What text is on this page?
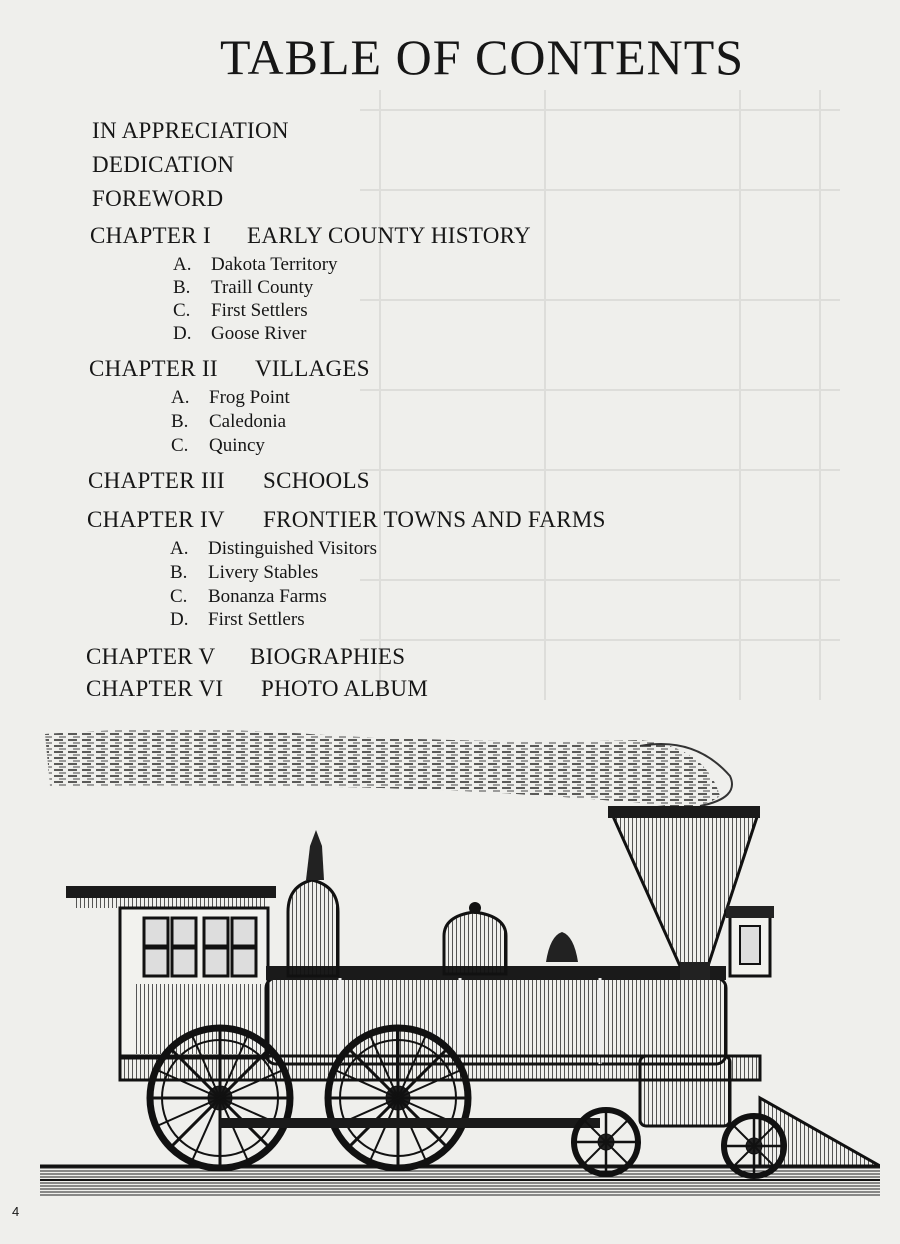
TABLE OF CONTENTS
IN APPRECIATION
DEDICATION
FOREWORD
CHAPTER I EARLY COUNTY HISTORY
A. Dakota Territory
B. Traill County
C. First Settlers
D. Goose River
CHAPTER II VILLAGES
A. Frog Point
B. Caledonia
C. Quincy
CHAPTER III SCHOOLS
CHAPTER IV FRONTIER TOWNS AND FARMS
A. Distinguished Visitors
B. Livery Stables
C. Bonanza Farms
D. First Settlers
CHAPTER V BIOGRAPHIES
CHAPTER VI PHOTO ALBUM
4
